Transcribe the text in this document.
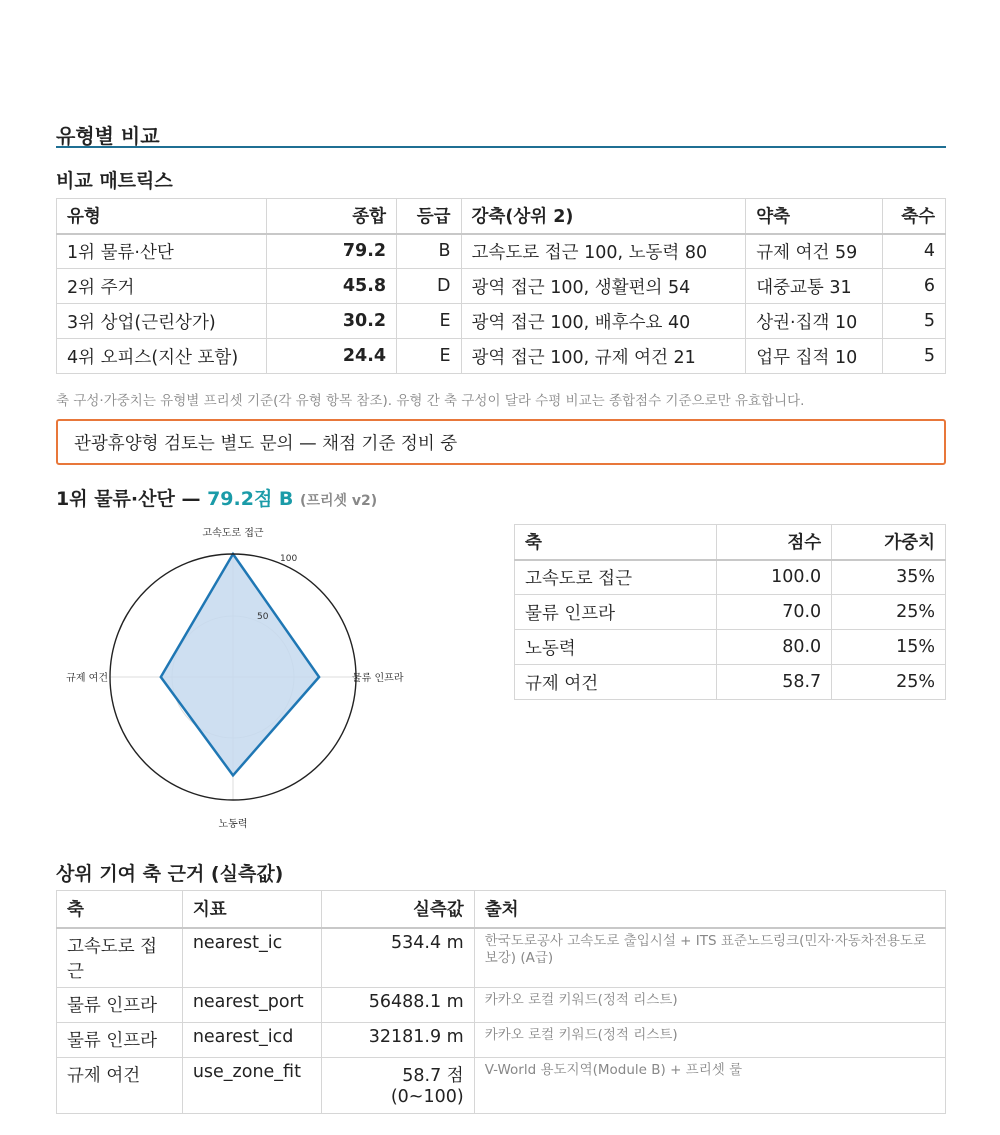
유형별 비교
비교 매트릭스
유형	종합	등급	강축(상위 2)	약축	축수
1위 물류·산단	79.2	B	고속도로 접근 100, 노동력 80	규제 여건 59	4
2위 주거	45.8	D	광역 접근 100, 생활편의 54	대중교통 31	6
3위 상업(근린상가)	30.2	E	광역 접근 100, 배후수요 40	상권·집객 10	5
4위 오피스(지산 포함)	24.4	E	광역 접근 100, 규제 여건 21	업무 집적 10	5
축 구성·가중치는 유형별 프리셋 기준(각 유형 항목 참조). 유형 간 축 구성이 달라 수평 비교는 종합점수 기준으로만 유효합니다.
관광휴양형 검토는 별도 문의 — 채점 기준 정비 중
1위 물류·산단 — 79.2점 B (프리셋 v2)
50
100
고속도로 접근
물류 인프라
노동력
규제 여건
축	점수	가중치
고속도로 접근	100.0	35%
물류 인프라	70.0	25%
노동력	80.0	15%
규제 여건	58.7	25%
상위 기여 축 근거 (실측값)
축	지표	실측값	출처
고속도로 접근	nearest_ic	534.4 m	한국도로공사 고속도로 출입시설 + ITS 표준노드링크(민자·자동차전용도로 보강) (A급)
물류 인프라	nearest_port	56488.1 m	카카오 로컬 키워드(정적 리스트)
물류 인프라	nearest_icd	32181.9 m	카카오 로컬 키워드(정적 리스트)
규제 여건	use_zone_fit	58.7 점 (0~100)	V-World 용도지역(Module B) + 프리셋 룰
